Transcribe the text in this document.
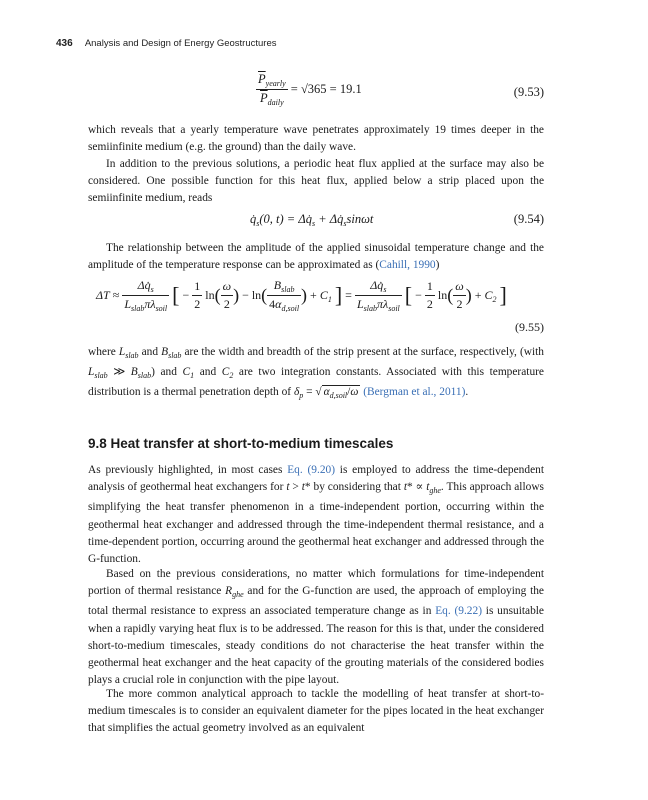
436 Analysis and Design of Energy Geostructures
$\frac{\overline{P}_{yearly}}{\overline{P}_{daily}} = √365 = 19.1$	(9.53)
which reveals that a yearly temperature wave penetrates approximately 19 times deeper in the semiinfinite medium (e.g. the ground) than the daily wave.
In addition to the previous solutions, a periodic heat flux applied at the surface may also be considered. One possible function for this heat flux, applied below a strip placed upon the semiinfinite medium, reads
$q̇_s(0$, $t) = \Delta q̇_s$ + $\Delta q̇_s\sin\omega t$	(9.54)
The relationship between the amplitude of the applied sinusoidal temperature change and the amplitude of the temperature response can be approximated as (Cahill, 1990)
$\Delta T \approx \frac{\Delta q̇_s}{L_{slab}\pi\lambda_{soil}}$ [ − $\frac{1}{2} \ln( \frac{\omega}{2}$ ) − $\ln( \frac{B_{slab}}{4\alpha_{d,soil}}$ ) + $C_1$ ] = $\frac{\Delta q̇_s}{L_{slab}\pi\lambda_{soil}}$ [ − $\frac{1}{2} \ln( \frac{\omega}{2}$ ) + $C_2$ ]
(9.55)
where $L_{slab}$ and $B_{slab}$ are the width and breadth of the strip present at the surface, respectively, (with $L_{slab}$ ≫ $B_{slab}$) and $C_1$ and $C_2$ are two integration constants. Associated with this temperature distribution is a thermal penetration depth of $\delta_p$ = √ $\alpha_{d,soil}/\omega$ (Bergman et al., 2011).
9.8 Heat transfer at short-to-medium timescales
As previously highlighted, in most cases Eq. (9.20) is employed to address the time-dependent analysis of geothermal heat exchangers for t > t* by considering that $t* \propto t_{ghe}$. This approach allows simplifying the heat transfer phenomenon in a time-independent portion, occurring within the geothermal heat exchanger and addressed through the time-independent thermal resistance, and a time-dependent portion, occurring around the geothermal heat exchanger and addressed through the G-function.
Based on the previous considerations, no matter which formulations for time-independent portion of thermal resistance $R_{ghe}$ and for the G-function are used, the approach of employing the total thermal resistance to express an associated temperature change as in Eq. (9.22) is unsuitable when a rapidly varying heat flux is to be addressed. The reason for this is that, under the considered short-to-medium timescales, steady conditions do not characterise the heat transfer within the geothermal heat exchanger and the heat capacity of the grouting materials of the considered bodies plays a crucial role in conjunction with the pipe layout.
The more common analytical approach to tackle the modelling of heat transfer at short-to-medium timescales is to consider an equivalent diameter for the pipes located in the heat exchanger that simplifies the actual geometry involved as an equivalent
